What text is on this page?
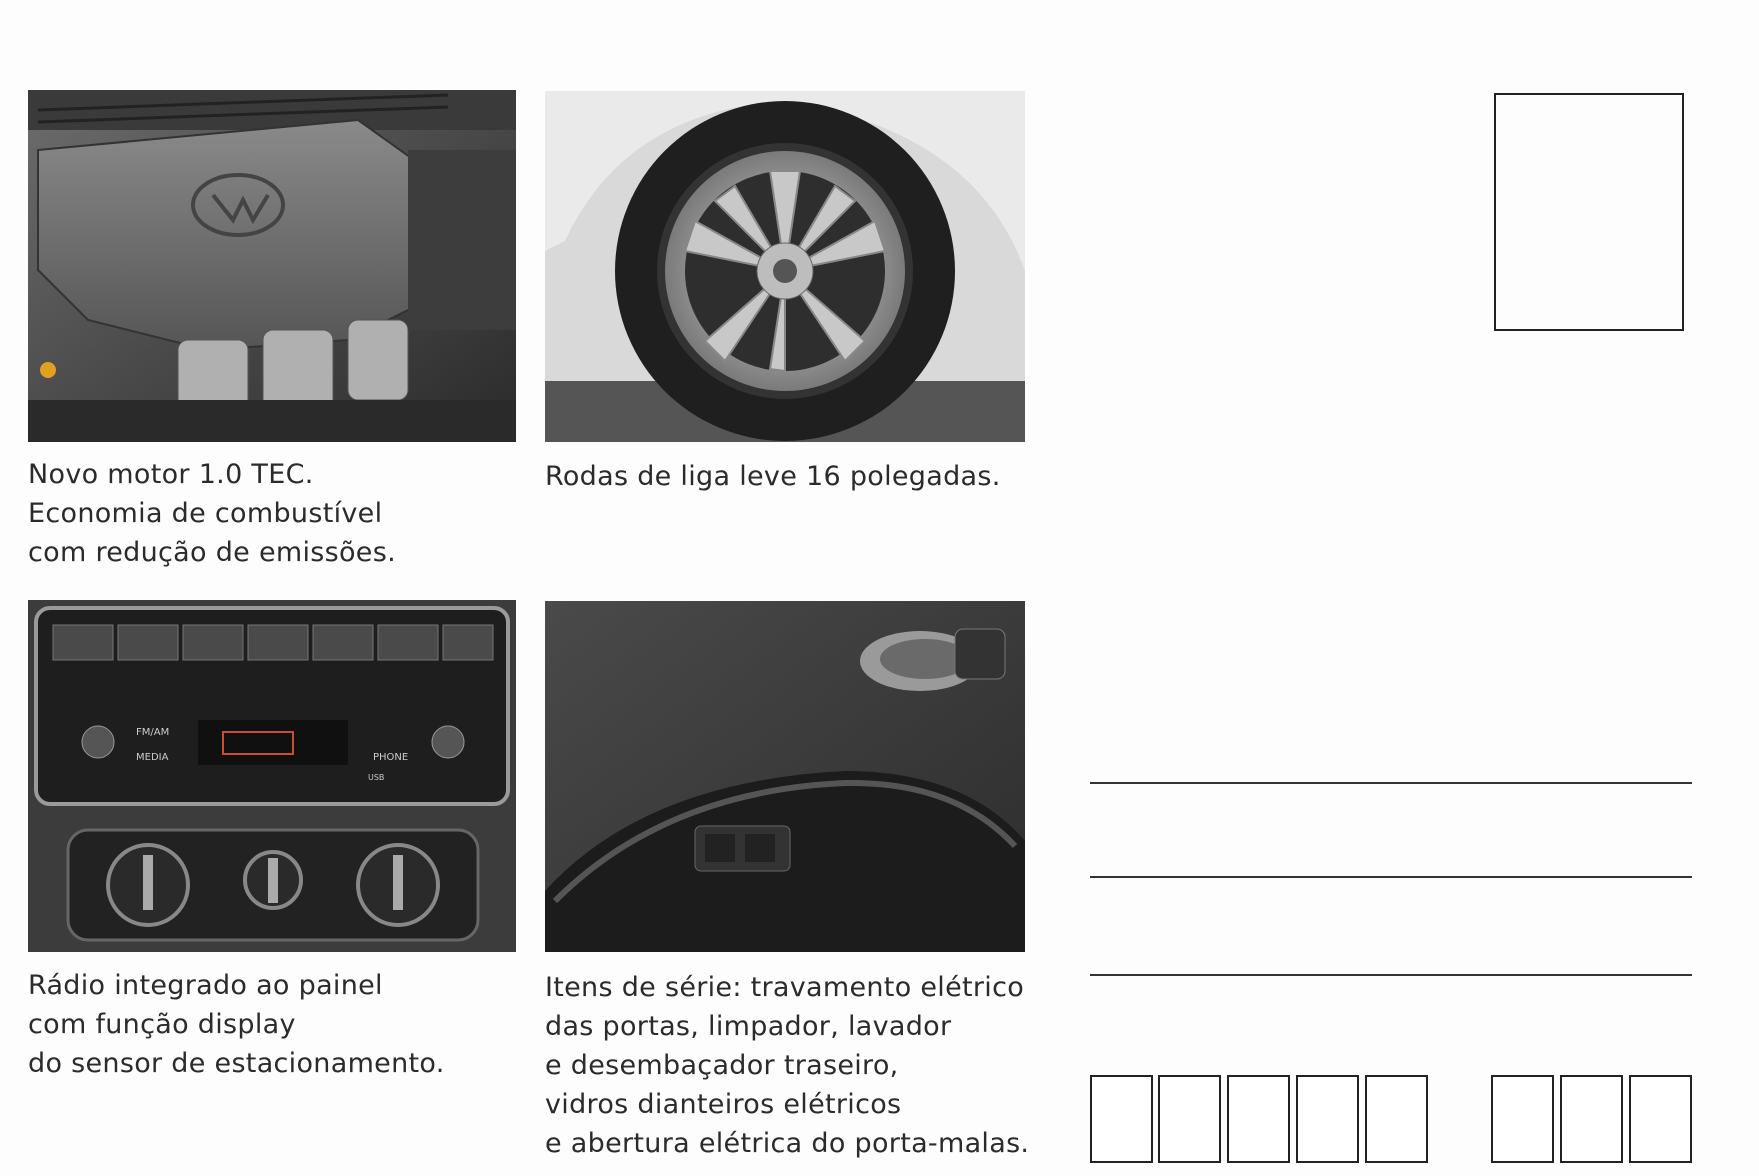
FM/AM
MEDIA	PHONE
USB
Novo motor 1.0 TEC.
Economia de combustível
com redução de emissões.
Rodas de liga leve 16 polegadas.
Rádio integrado ao painel
com função display
do sensor de estacionamento.
Itens de série: travamento elétrico
das portas, limpador, lavador
e desembaçador traseiro,
vidros dianteiros elétricos
e abertura elétrica do porta-malas.
